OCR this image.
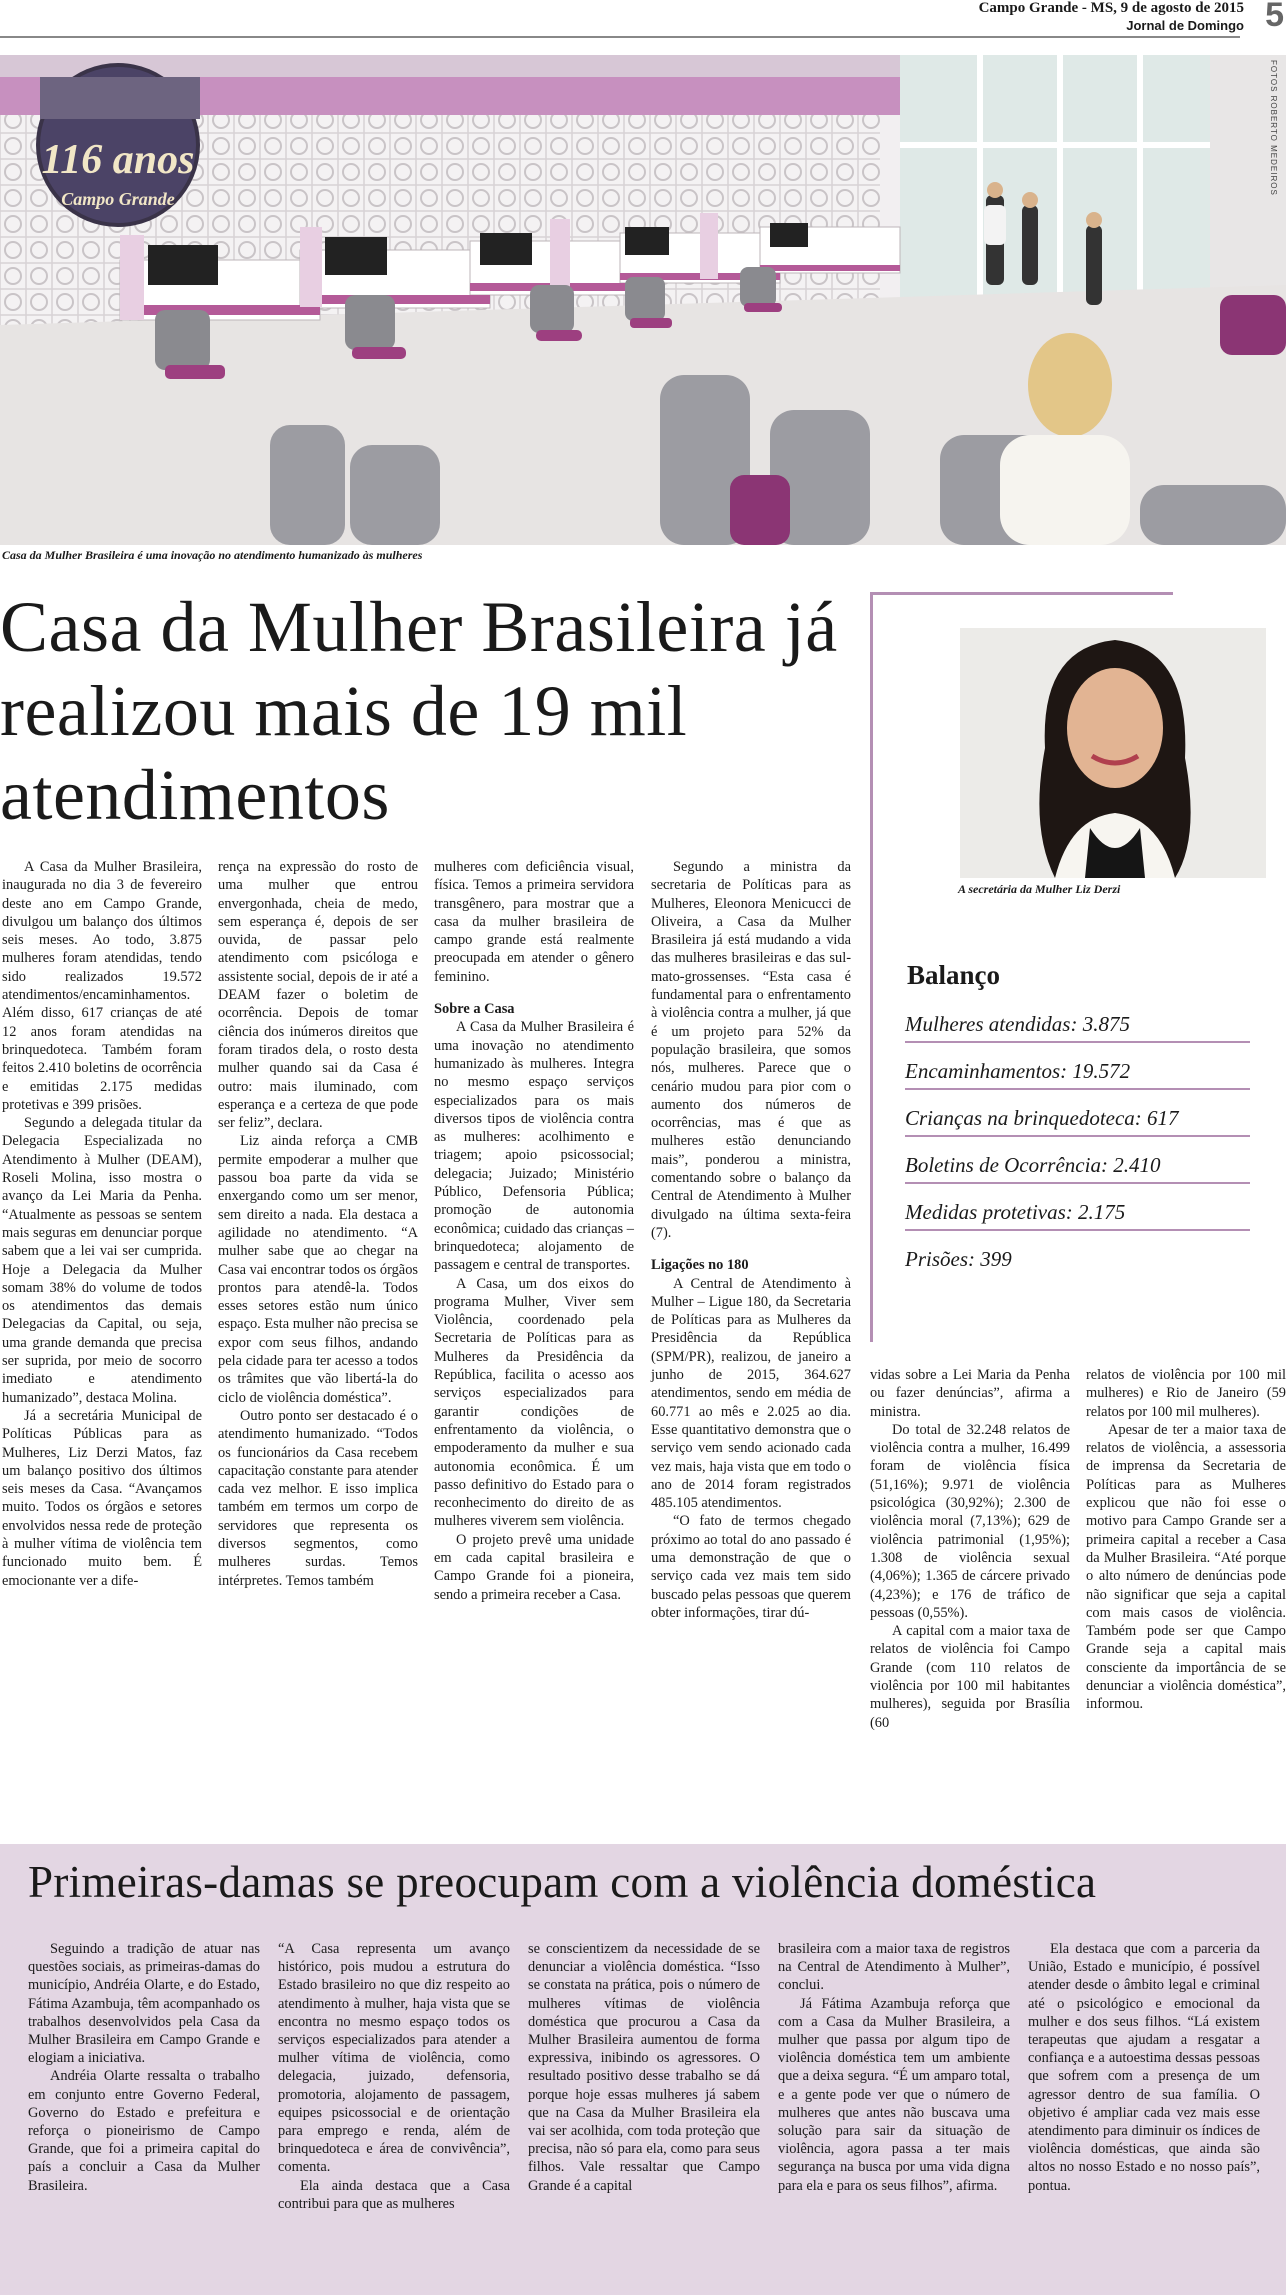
Campo Grande - MS, 9 de agosto de 2015
Jornal de Domingo 5
116 anos
Campo Grande
FOTOS ROBERTO MEDEIROS
Casa da Mulher Brasileira é uma inovação no atendimento humanizado às mulheres
Casa da Mulher Brasileira já realizou mais de 19 mil atendimentos

A Casa da Mulher Brasileira, inaugurada no dia 3 de fevereiro deste ano em Campo Grande, divulgou um balanço dos últimos seis meses. Ao todo, 3.875 mulheres foram atendidas, tendo sido realizados 19.572 atendimentos/encaminhamentos. Além disso, 617 crianças de até 12 anos foram atendidas na brinquedoteca. Também foram feitos 2.410 boletins de ocorrência e emitidas 2.175 medidas protetivas e 399 prisões.

Segundo a delegada titular da Delegacia Especializada no Atendimento à Mulher (DEAM), Roseli Molina, isso mostra o avanço da Lei Maria da Penha. “Atualmente as pessoas se sentem mais seguras em denunciar porque sabem que a lei vai ser cumprida. Hoje a Delegacia da Mulher somam 38% do volume de todos os atendimentos das demais Delegacias da Capital, ou seja, uma grande demanda que precisa ser suprida, por meio de socorro imediato e atendimento humanizado”, destaca Molina.

Já a secretária Municipal de Políticas Públicas para as Mulheres, Liz Derzi Matos, faz um balanço positivo dos últimos seis meses da Casa. “Avançamos muito. Todos os órgãos e setores envolvidos nessa rede de proteção à mulher vítima de violência tem funcionado muito bem. É emocionante ver a dife-

rença na expressão do rosto de uma mulher que entrou envergonhada, cheia de medo, sem esperança é, depois de ser ouvida, de passar pelo atendimento com psicóloga e assistente social, depois de ir até a DEAM fazer o boletim de ocorrência. Depois de tomar ciência dos inúmeros direitos que foram tirados dela, o rosto desta mulher quando sai da Casa é outro: mais iluminado, com esperança e a certeza de que pode ser feliz”, declara.

Liz ainda reforça a CMB permite empoderar a mulher que passou boa parte da vida se enxergando como um ser menor, sem direito a nada. Ela destaca a agilidade no atendimento. “A mulher sabe que ao chegar na Casa vai encontrar todos os órgãos prontos para atendê-la. Todos esses setores estão num único espaço. Esta mulher não precisa se expor com seus filhos, andando pela cidade para ter acesso a todos os trâmites que vão libertá-la do ciclo de violência doméstica”.

Outro ponto ser destacado é o atendimento humanizado. “Todos os funcionários da Casa recebem capacitação constante para atender cada vez melhor. E isso implica também em termos um corpo de servidores que representa os diversos segmentos, como mulheres surdas. Temos intérpretes. Temos também

mulheres com deficiência visual, física. Temos a primeira servidora transgênero, para mostrar que a casa da mulher brasileira de campo grande está realmente preocupada em atender o gênero feminino.

Sobre a Casa

A Casa da Mulher Brasileira é uma inovação no atendimento humanizado às mulheres. Integra no mesmo espaço serviços especializados para os mais diversos tipos de violência contra as mulheres: acolhimento e triagem; apoio psicossocial; delegacia; Juizado; Ministério Público, Defensoria Pública; promoção de autonomia econômica; cuidado das crianças – brinquedoteca; alojamento de passagem e central de transportes.

A Casa, um dos eixos do programa Mulher, Viver sem Violência, coordenado pela Secretaria de Políticas para as Mulheres da Presidência da República, facilita o acesso aos serviços especializados para garantir condições de enfrentamento da violência, o empoderamento da mulher e sua autonomia econômica. É um passo definitivo do Estado para o reconhecimento do direito de as mulheres viverem sem violência.

O projeto prevê uma unidade em cada capital brasileira e Campo Grande foi a pioneira, sendo a primeira receber a Casa.

Segundo a ministra da secretaria de Políticas para as Mulheres, Eleonora Menicucci de Oliveira, a Casa da Mulher Brasileira já está mudando a vida das mulheres brasileiras e das sul-mato-grossenses. “Esta casa é fundamental para o enfrentamento à violência contra a mulher, já que é um projeto para 52% da população brasileira, que somos nós, mulheres. Parece que o cenário mudou para pior com o aumento dos números de ocorrências, mas é que as mulheres estão denunciando mais”, ponderou a ministra, comentando sobre o balanço da Central de Atendimento à Mulher divulgado na última sexta-feira (7).

Ligações no 180

A Central de Atendimento à Mulher – Ligue 180, da Secretaria de Políticas para as Mulheres da Presidência da República (SPM/PR), realizou, de janeiro a junho de 2015, 364.627 atendimentos, sendo em média de 60.771 ao mês e 2.025 ao dia. Esse quantitativo demonstra que o serviço vem sendo acionado cada vez mais, haja vista que em todo o ano de 2014 foram registrados 485.105 atendimentos.

“O fato de termos chegado próximo ao total do ano passado é uma demonstração de que o serviço cada vez mais tem sido buscado pelas pessoas que querem obter informações, tirar dú-

vidas sobre a Lei Maria da Penha ou fazer denúncias”, afirma a ministra.

Do total de 32.248 relatos de violência contra a mulher, 16.499 foram de violência física (51,16%); 9.971 de violência psicológica (30,92%); 2.300 de violência moral (7,13%); 629 de violência patrimonial (1,95%); 1.308 de violência sexual (4,06%); 1.365 de cárcere privado (4,23%); e 176 de tráfico de pessoas (0,55%).

A capital com a maior taxa de relatos de violência foi Campo Grande (com 110 relatos de violência por 100 mil habitantes mulheres), seguida por Brasília (60

relatos de violência por 100 mil mulheres) e Rio de Janeiro (59 relatos por 100 mil mulheres).

Apesar de ter a maior taxa de relatos de violência, a assessoria de imprensa da Secretaria de Políticas para as Mulheres explicou que não foi esse o motivo para Campo Grande ser a primeira capital a receber a Casa da Mulher Brasileira. “Até porque o alto número de denúncias pode não significar que seja a capital com mais casos de violência. Também pode ser que Campo Grande seja a capital mais consciente da importância de se denunciar a violência doméstica”, informou.

A secretária da Mulher Liz Derzi
Balanço
Mulheres atendidas: 3.875
Encaminhamentos: 19.572
Crianças na brinquedoteca: 617
Boletins de Ocorrência: 2.410
Medidas protetivas: 2.175
Prisões: 399
Primeiras-damas se preocupam com a violência doméstica

Seguindo a tradição de atuar nas questões sociais, as primeiras-damas do município, Andréia Olarte, e do Estado, Fátima Azambuja, têm acompanhado os trabalhos desenvolvidos pela Casa da Mulher Brasileira em Campo Grande e elogiam a iniciativa.

Andréia Olarte ressalta o trabalho em conjunto entre Governo Federal, Governo do Estado e prefeitura e reforça o pioneirismo de Campo Grande, que foi a primeira capital do país a concluir a Casa da Mulher Brasileira.

“A Casa representa um avanço histórico, pois mudou a estrutura do Estado brasileiro no que diz respeito ao atendimento à mulher, haja vista que se encontra no mesmo espaço todos os serviços especializados para atender a mulher vítima de violência, como delegacia, juizado, defensoria, promotoria, alojamento de passagem, equipes psicossocial e de orientação para emprego e renda, além de brinquedoteca e área de convivência”, comenta.

Ela ainda destaca que a Casa contribui para que as mulheres

se conscientizem da necessidade de se denunciar a violência doméstica. “Isso se constata na prática, pois o número de mulheres vítimas de violência doméstica que procurou a Casa da Mulher Brasileira aumentou de forma expressiva, inibindo os agressores. O resultado positivo desse trabalho se dá porque hoje essas mulheres já sabem que na Casa da Mulher Brasileira ela vai ser acolhida, com toda proteção que precisa, não só para ela, como para seus filhos. Vale ressaltar que Campo Grande é a capital

brasileira com a maior taxa de registros na Central de Atendimento à Mulher”, conclui.

Já Fátima Azambuja reforça que com a Casa da Mulher Brasileira, a mulher que passa por algum tipo de violência doméstica tem um ambiente que a deixa segura. “É um amparo total, e a gente pode ver que o número de mulheres que antes não buscava uma solução para sair da situação de violência, agora passa a ter mais segurança na busca por uma vida digna para ela e para os seus filhos”, afirma.

Ela destaca que com a parceria da União, Estado e município, é possível atender desde o âmbito legal e criminal até o psicológico e emocional da mulher e dos seus filhos. “Lá existem terapeutas que ajudam a resgatar a confiança e a autoestima dessas pessoas que sofrem com a presença de um agressor dentro de sua família. O objetivo é ampliar cada vez mais esse atendimento para diminuir os índices de violência domésticas, que ainda são altos no nosso Estado e no nosso país”, pontua.
